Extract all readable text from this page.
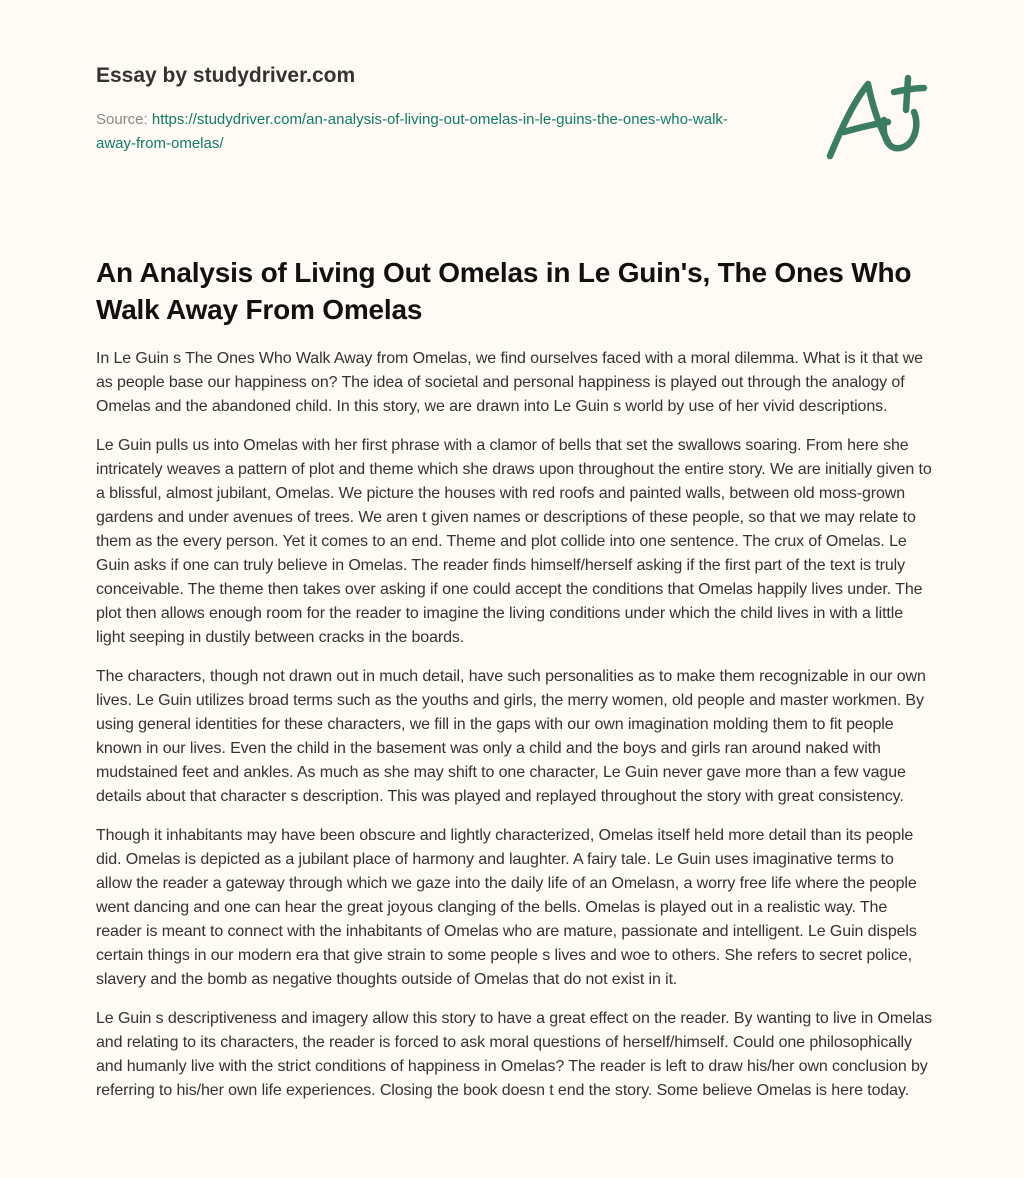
Essay by studydriver.com
Source: https://studydriver.com/an-analysis-of-living-out-omelas-in-le-guins-the-ones-who-walk-away-from-omelas/
An Analysis of Living Out Omelas in Le Guin's, The Ones Who Walk Away From Omelas

In Le Guin s The Ones Who Walk Away from Omelas, we find ourselves faced with a moral dilemma. What is it that we as people base our happiness on? The idea of societal and personal happiness is played out through the analogy of Omelas and the abandoned child. In this story, we are drawn into Le Guin s world by use of her vivid descriptions.

Le Guin pulls us into Omelas with her first phrase with a clamor of bells that set the swallows soaring. From here she intricately weaves a pattern of plot and theme which she draws upon throughout the entire story. We are initially given to a blissful, almost jubilant, Omelas. We picture the houses with red roofs and painted walls, between old moss-grown gardens and under avenues of trees. We aren t given names or descriptions of these people, so that we may relate to them as the every person. Yet it comes to an end. Theme and plot collide into one sentence. The crux of Omelas. Le Guin asks if one can truly believe in Omelas. The reader finds himself/herself asking if the first part of the text is truly conceivable. The theme then takes over asking if one could accept the conditions that Omelas happily lives under. The plot then allows enough room for the reader to imagine the living conditions under which the child lives in with a little light seeping in dustily between cracks in the boards.

The characters, though not drawn out in much detail, have such personalities as to make them recognizable in our own lives. Le Guin utilizes broad terms such as the youths and girls, the merry women, old people and master workmen. By using general identities for these characters, we fill in the gaps with our own imagination molding them to fit people known in our lives. Even the child in the basement was only a child and the boys and girls ran around naked with mudstained feet and ankles. As much as she may shift to one character, Le Guin never gave more than a few vague details about that character s description. This was played and replayed throughout the story with great consistency.

Though it inhabitants may have been obscure and lightly characterized, Omelas itself held more detail than its people did. Omelas is depicted as a jubilant place of harmony and laughter. A fairy tale. Le Guin uses imaginative terms to allow the reader a gateway through which we gaze into the daily life of an Omelasn, a worry free life where the people went dancing and one can hear the great joyous clanging of the bells. Omelas is played out in a realistic way. The reader is meant to connect with the inhabitants of Omelas who are mature, passionate and intelligent. Le Guin dispels certain things in our modern era that give strain to some people s lives and woe to others. She refers to secret police, slavery and the bomb as negative thoughts outside of Omelas that do not exist in it.

Le Guin s descriptiveness and imagery allow this story to have a great effect on the reader. By wanting to live in Omelas and relating to its characters, the reader is forced to ask moral questions of herself/himself. Could one philosophically and humanly live with the strict conditions of happiness in Omelas? The reader is left to draw his/her own conclusion by referring to his/her own life experiences. Closing the book doesn t end the story. Some believe Omelas is here today.
